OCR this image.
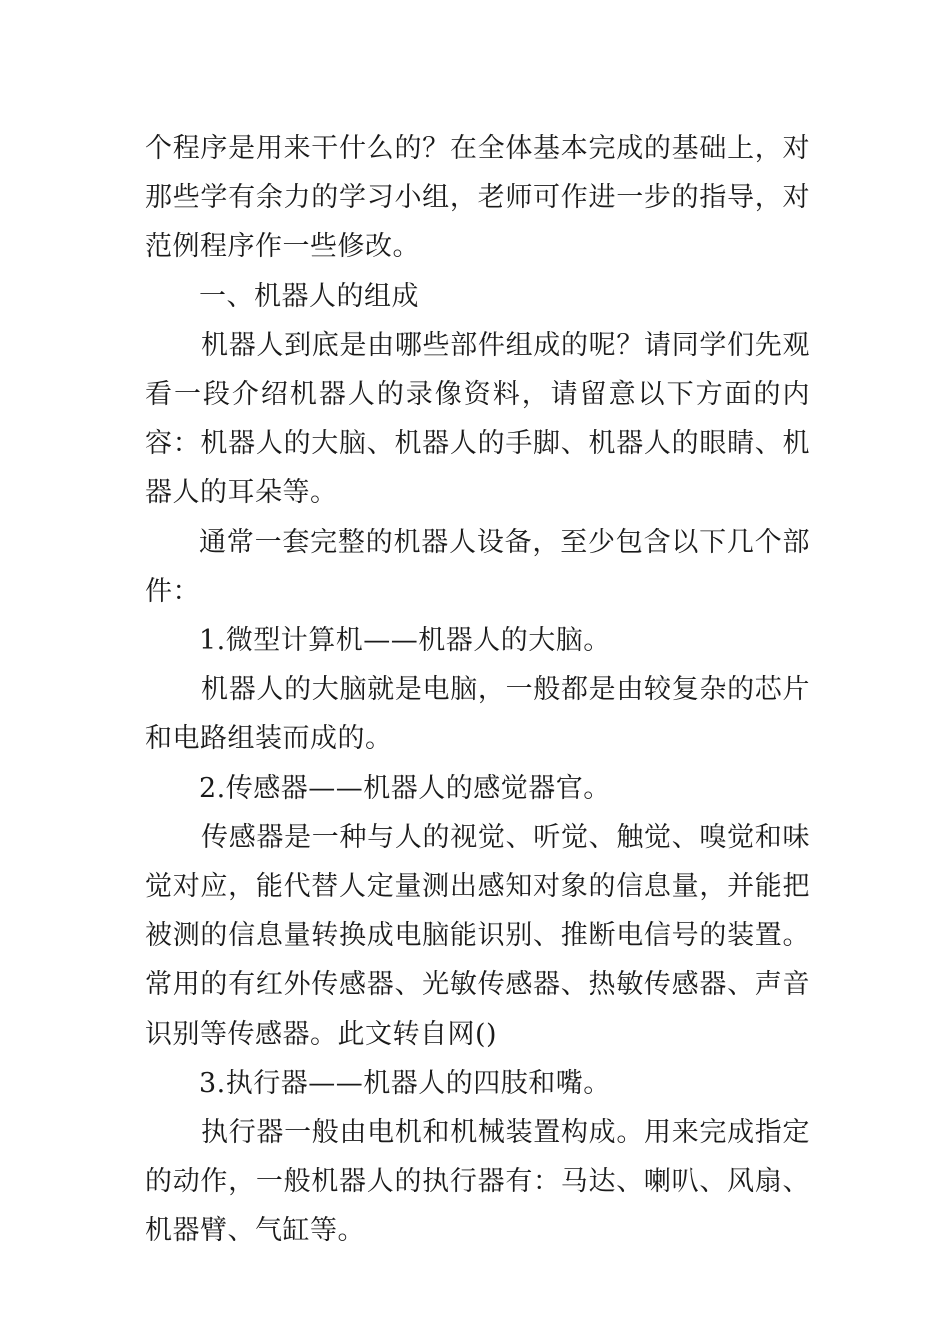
个程序是用来干什么的？在全体基本完成的基础上，对那些学有余力的学习小组，老师可作进一步的指导，对范例程序作一些修改。

一、机器人的组成

机器人到底是由哪些部件组成的呢？请同学们先观看一段介绍机器人的录像资料，请留意以下方面的内容：机器人的大脑、机器人的手脚、机器人的眼睛、机器人的耳朵等。

通常一套完整的机器人设备，至少包含以下几个部件：

1.微型计算机——机器人的大脑。

机器人的大脑就是电脑，一般都是由较复杂的芯片和电路组装而成的。

2.传感器——机器人的感觉器官。

传感器是一种与人的视觉、听觉、触觉、嗅觉和味觉对应，能代替人定量测出感知对象的信息量，并能把被测的信息量转换成电脑能识别、推断电信号的装置。常用的有红外传感器、光敏传感器、热敏传感器、声音识别等传感器。此文转自网()

3.执行器——机器人的四肢和嘴。

执行器一般由电机和机械装置构成。用来完成指定的动作，一般机器人的执行器有：马达、喇叭、风扇、机器臂、气缸等。
